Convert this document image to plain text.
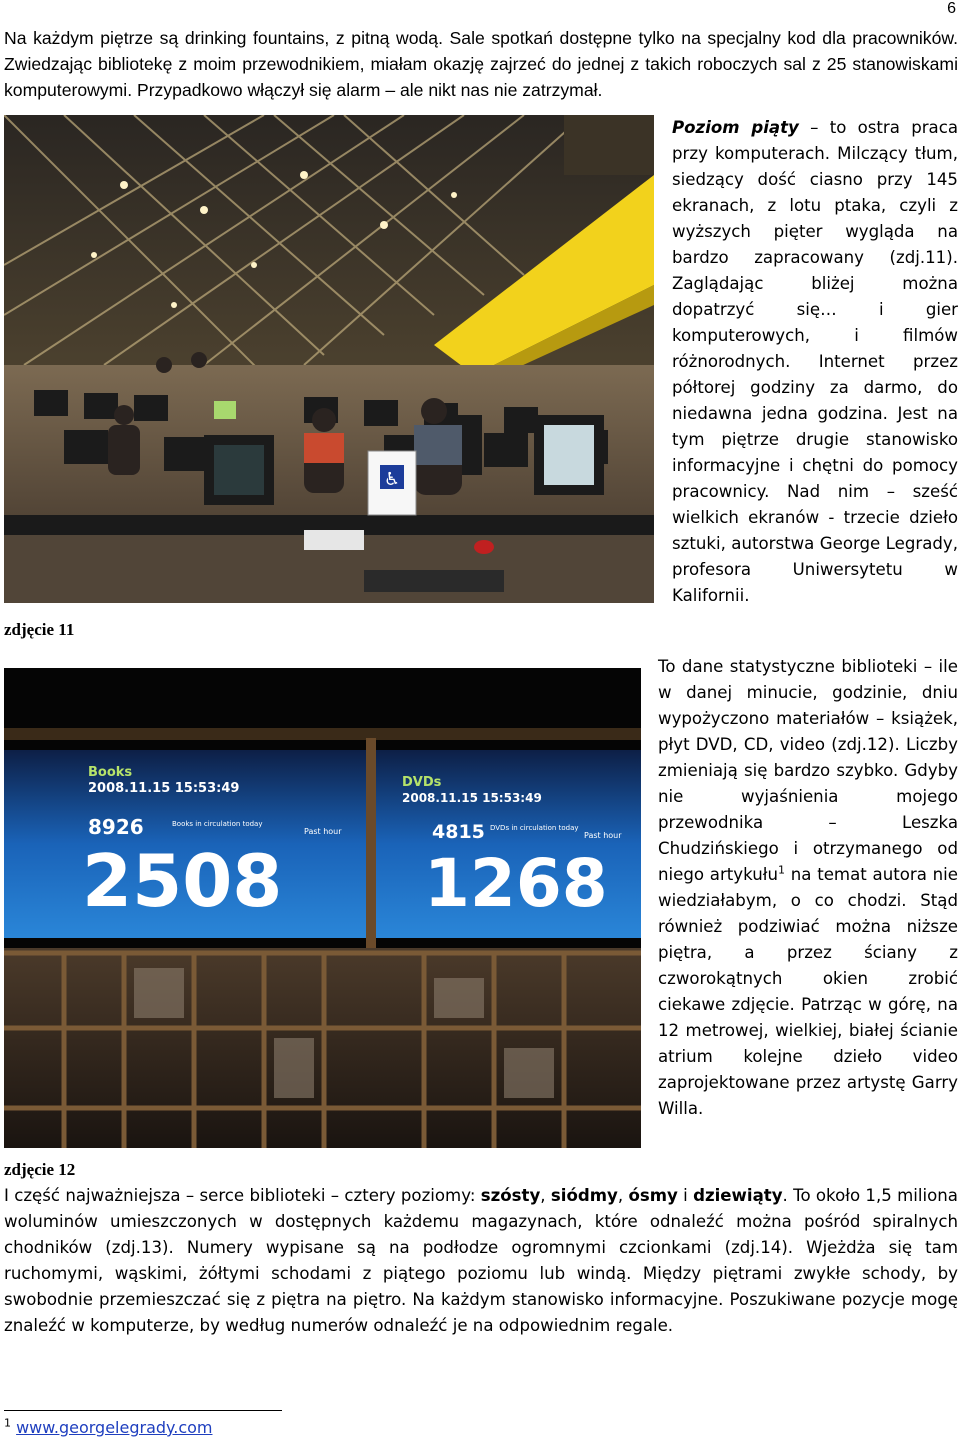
6

Na każdym piętrze są drinking fountains, z pitną wodą. Sale spotkań dostępne tylko na specjalny kod dla pracowników. Zwiedzając bibliotekę z moim przewodnikiem, miałam okazję zajrzeć do jednej z takich roboczych sal z 25 stanowiskami komputerowymi. Przypadkowo włączył się alarm – ale nikt nas nie zatrzymał.

♿
zdjęcie 11

Poziom piąty – to ostra praca przy komputerach. Milczący tłum, siedzący dość ciasno przy 145 ekranach, z lotu ptaka, czyli z wyższych pięter wygląda na bardzo zapracowany (zdj.11). Zaglądając bliżej można dopatrzyć się… i gier komputerowych, i filmów różnorodnych. Internet przez półtorej godziny za darmo, do niedawna jedna godzina. Jest na tym piętrze drugie stanowisko informacyjne i chętni do pomocy pracownicy. Nad nim – sześć wielkich ekranów - trzecie dzieło sztuki, autorstwa George Legrady, profesora Uniwersytetu w Kalifornii.

Books
2008.11.15 15:53:49
8926	Books in circulation today
Past hour
2508
DVDs
2008.11.15 15:53:49
4815 DVDs in circulation today
Past hour
1268

To dane statystyczne biblioteki – ile w danej minucie, godzinie, dniu wypożyczono materiałów – książek, płyt DVD, CD, video (zdj.12). Liczby zmieniają się bardzo szybko. Gdyby nie wyjaśnienia mojego przewodnika – Leszka Chudzińskiego i otrzymanego od niego artykułu$^1$ na temat autora nie wiedziałabym, o co chodzi. Stąd również podziwiać można niższe piętra, a przez ściany z czworokątnych okien zrobić ciekawe zdjęcie. Patrząc w górę, na 12 metrowej, wielkiej, białej ścianie atrium kolejne dzieło video zaprojektowane przez artystę Garry Willa.

zdjęcie 12

I część najważniejsza – serce biblioteki – cztery poziomy: szósty, siódmy, ósmy i dziewiąty. To około 1,5 miliona woluminów umieszczonych w dostępnych każdemu magazynach, które odnaleźć można pośród spiralnych chodników (zdj.13). Numery wypisane są na podłodze ogromnymi czcionkami (zdj.14). Wjeżdża się tam ruchomymi, wąskimi, żółtymi schodami z piątego poziomu lub windą. Między piętrami zwykłe schody, by swobodnie przemieszczać się z piętra na piętro. Na każdym stanowisko informacyjne. Poszukiwane pozycje mogę znaleźć w komputerze, by według numerów odnaleźć je na odpowiednim regale.

$^1$ www.georgelegrady.com
